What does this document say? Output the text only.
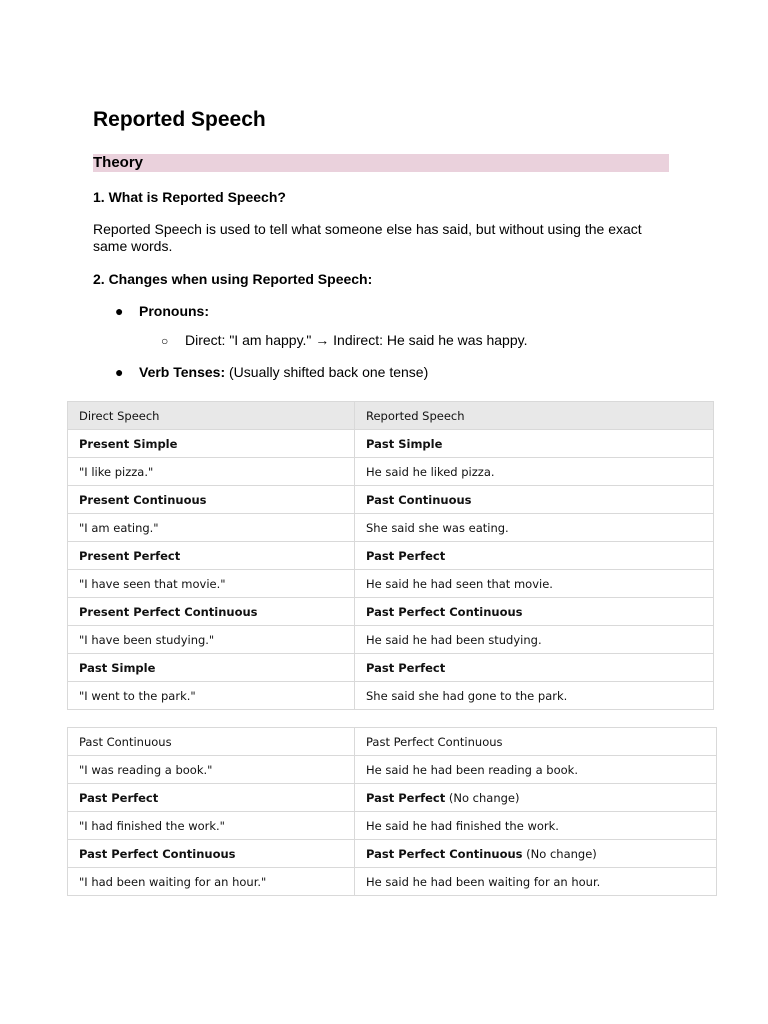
Reported Speech
Theory
1. What is Reported Speech?
Reported Speech is used to tell what someone else has said, but without using the exact same words.
2. Changes when using Reported Speech:
● Pronouns:
○ Direct: "I am happy." → Indirect: He said he was happy.
● Verb Tenses: (Usually shifted back one tense)
Direct Speech	Reported Speech
Present Simple	Past Simple
"I like pizza."	He said he liked pizza.
Present Continuous	Past Continuous
"I am eating."	She said she was eating.
Present Perfect	Past Perfect
"I have seen that movie."	He said he had seen that movie.
Present Perfect Continuous	Past Perfect Continuous
"I have been studying."	He said he had been studying.
Past Simple	Past Perfect
"I went to the park."	She said she had gone to the park.
Past Continuous	Past Perfect Continuous
"I was reading a book."	He said he had been reading a book.
Past Perfect	Past Perfect (No change)
"I had finished the work."	He said he had finished the work.
Past Perfect Continuous	Past Perfect Continuous (No change)
"I had been waiting for an hour."	He said he had been waiting for an hour.
